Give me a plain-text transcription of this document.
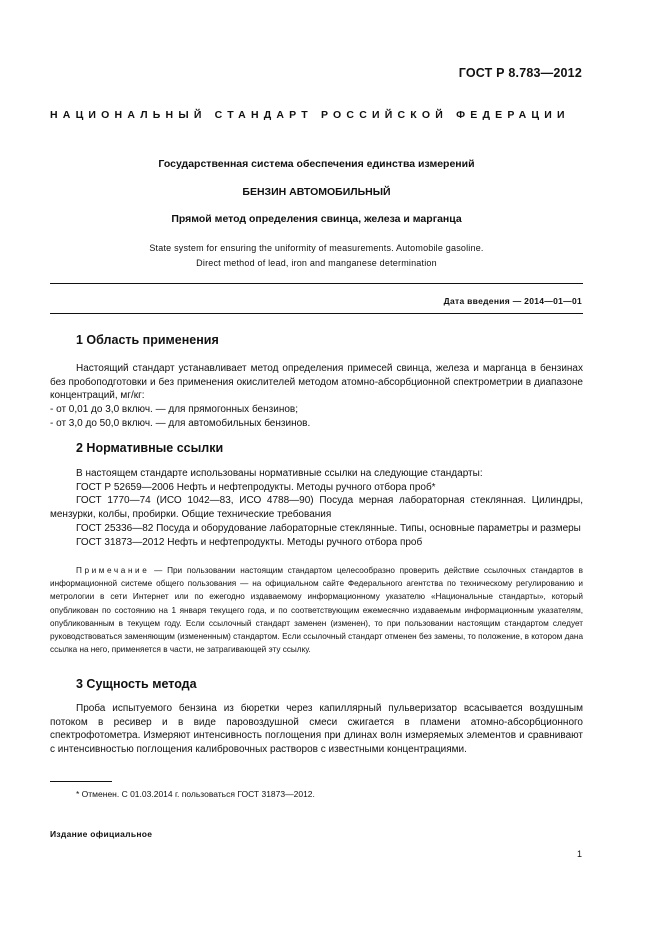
ГОСТ Р 8.783—2012
НАЦИОНАЛЬНЫЙ СТАНДАРТ РОССИЙСКОЙ ФЕДЕРАЦИИ
Государственная система обеспечения единства измерений
БЕНЗИН АВТОМОБИЛЬНЫЙ
Прямой метод определения свинца, железа и марганца
State system for ensuring the uniformity of measurements. Automobile gasoline.
Direct method of lead, iron and manganese determination
Дата введения — 2014—01—01
1 Область применения

Настоящий стандарт устанавливает метод определения примесей свинца, железа и марганца в бензинах без пробоподготовки и без применения окислителей методом атомно-абсорбционной спектрометрии в диапазоне концентраций, мг/кг:

- от 0,01 до 3,0 включ. — для прямогонных бензинов;

- от 3,0 до 50,0 включ. — для автомобильных бензинов.

2 Нормативные ссылки

В настоящем стандарте использованы нормативные ссылки на следующие стандарты:

ГОСТ Р 52659—2006 Нефть и нефтепродукты. Методы ручного отбора проб*

ГОСТ 1770—74 (ИСО 1042—83, ИСО 4788—90) Посуда мерная лабораторная стеклянная. Цилиндры, мензурки, колбы, пробирки. Общие технические требования

ГОСТ 25336—82 Посуда и оборудование лабораторные стеклянные. Типы, основные параметры и размеры

ГОСТ 31873—2012 Нефть и нефтепродукты. Методы ручного отбора проб

Примечание — При пользовании настоящим стандартом целесообразно проверить действие ссылочных стандартов в информационной системе общего пользования — на официальном сайте Федерального агентства по техническому регулированию и метрологии в сети Интернет или по ежегодно издаваемому информационному указателю «Национальные стандарты», который опубликован по состоянию на 1 января текущего года, и по соответствующим ежемесячно издаваемым информационным указателям, опубликованным в текущем году. Если ссылочный стандарт заменен (изменен), то при пользовании настоящим стандартом следует руководствоваться заменяющим (измененным) стандартом. Если ссылочный стандарт отменен без замены, то положение, в котором дана ссылка на него, применяется в части, не затрагивающей эту ссылку.

3 Сущность метода

Проба испытуемого бензина из бюретки через капиллярный пульверизатор всасывается воздушным потоком в ресивер и в виде паровоздушной смеси сжигается в пламени атомно-абсорбционного спектрофотометра. Измеряют интенсивность поглощения при длинах волн измеряемых элементов и сравнивают с интенсивностью поглощения калибровочных растворов с известными концентрациями.

* Отменен. С 01.03.2014 г. пользоваться ГОСТ 31873—2012.
Издание официальное
1
